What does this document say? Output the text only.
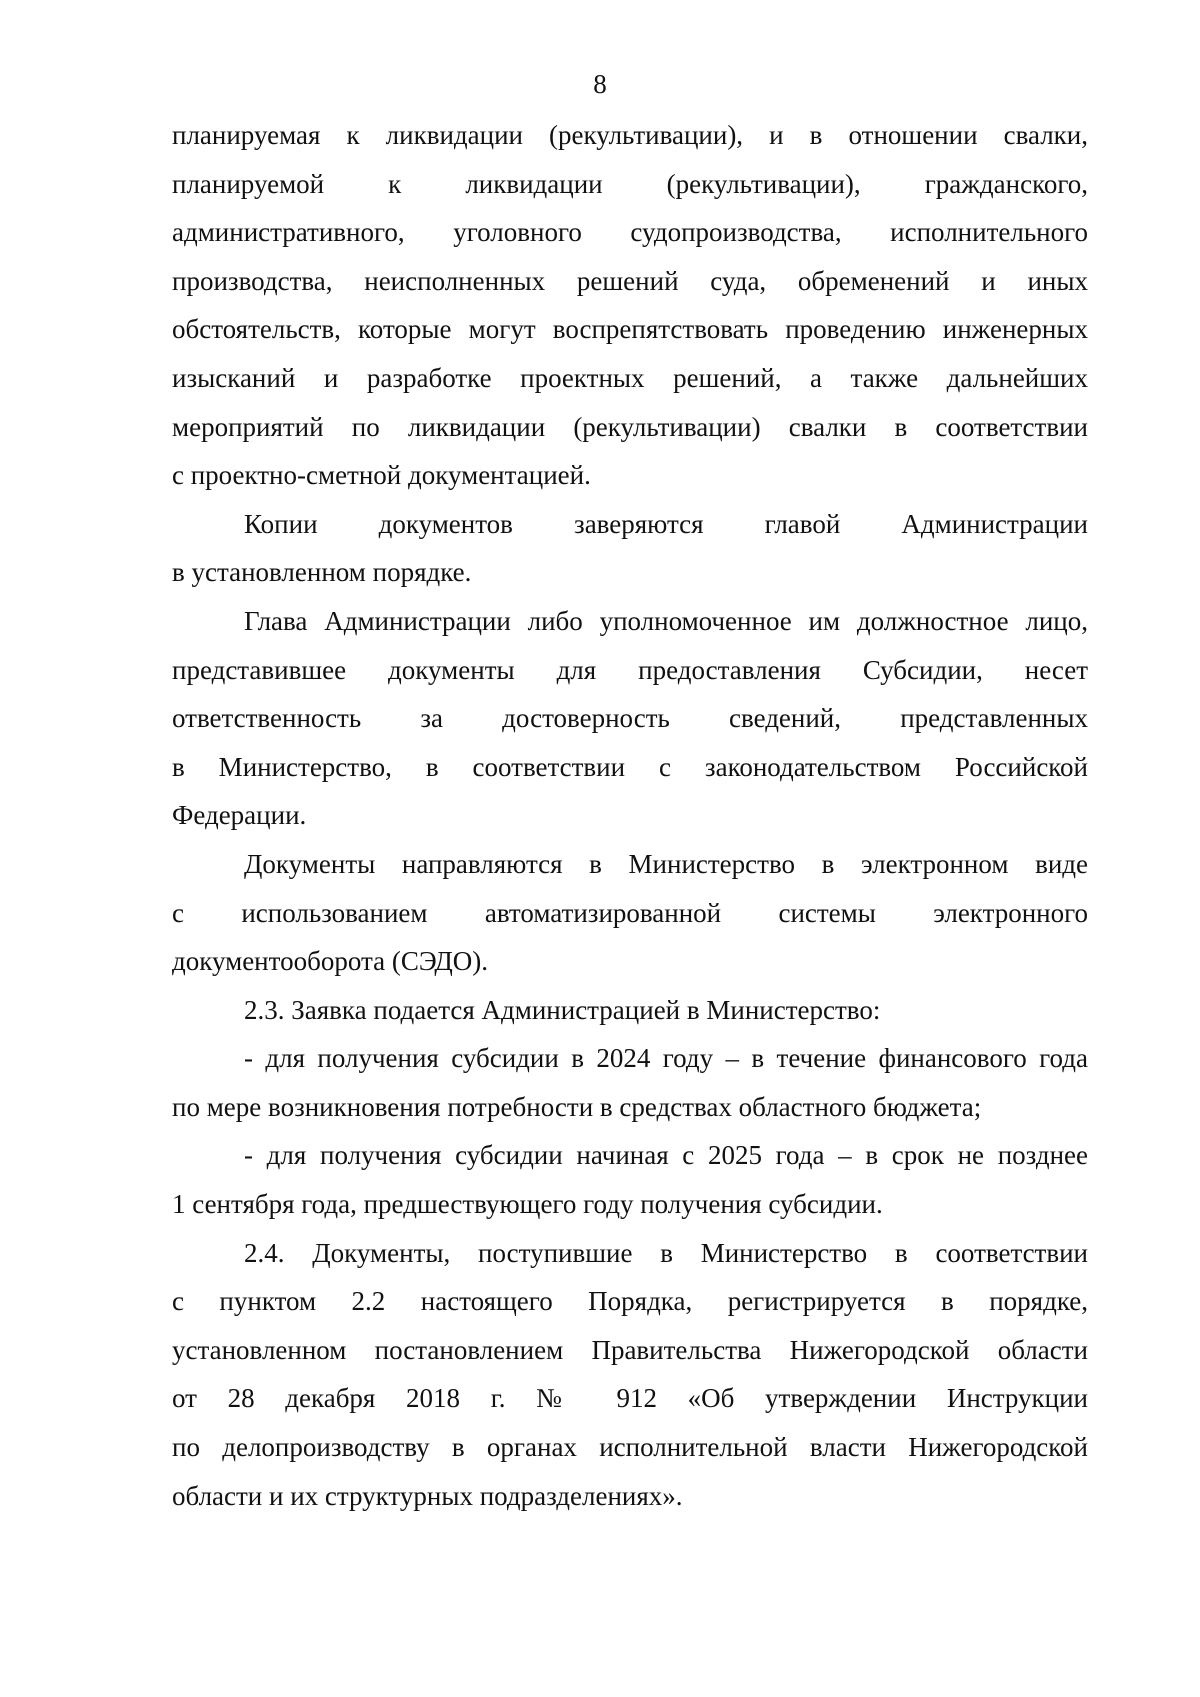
8
планируемая к ликвидации (рекультивации), и в отношении свалки,
планируемой к ликвидации (рекультивации), гражданского,
административного, уголовного судопроизводства, исполнительного
производства, неисполненных решений суда, обременений и иных
обстоятельств, которые могут воспрепятствовать проведению инженерных
изысканий и разработке проектных решений, а также дальнейших
мероприятий по ликвидации (рекультивации) свалки в соответствии
с проектно-сметной документацией.
Копии документов заверяются главой Администрации
в установленном порядке.
Глава Администрации либо уполномоченное им должностное лицо,
представившее документы для предоставления Субсидии, несет
ответственность за достоверность сведений, представленных
в Министерство, в соответствии с законодательством Российской
Федерации.
Документы направляются в Министерство в электронном виде
с использованием автоматизированной системы электронного
документооборота (СЭДО).
2.3. Заявка подается Администрацией в Министерство:
- для получения субсидии в 2024 году – в течение финансового года
по мере возникновения потребности в средствах областного бюджета;
- для получения субсидии начиная с 2025 года – в срок не позднее
1 сентября года, предшествующего году получения субсидии.
2.4. Документы, поступившие в Министерство в соответствии
с пунктом 2.2 настоящего Порядка, регистрируется в порядке,
установленном постановлением Правительства Нижегородской области
от 28 декабря 2018 г. № 912 «Об утверждении Инструкции
по делопроизводству в органах исполнительной власти Нижегородской
области и их структурных подразделениях».
